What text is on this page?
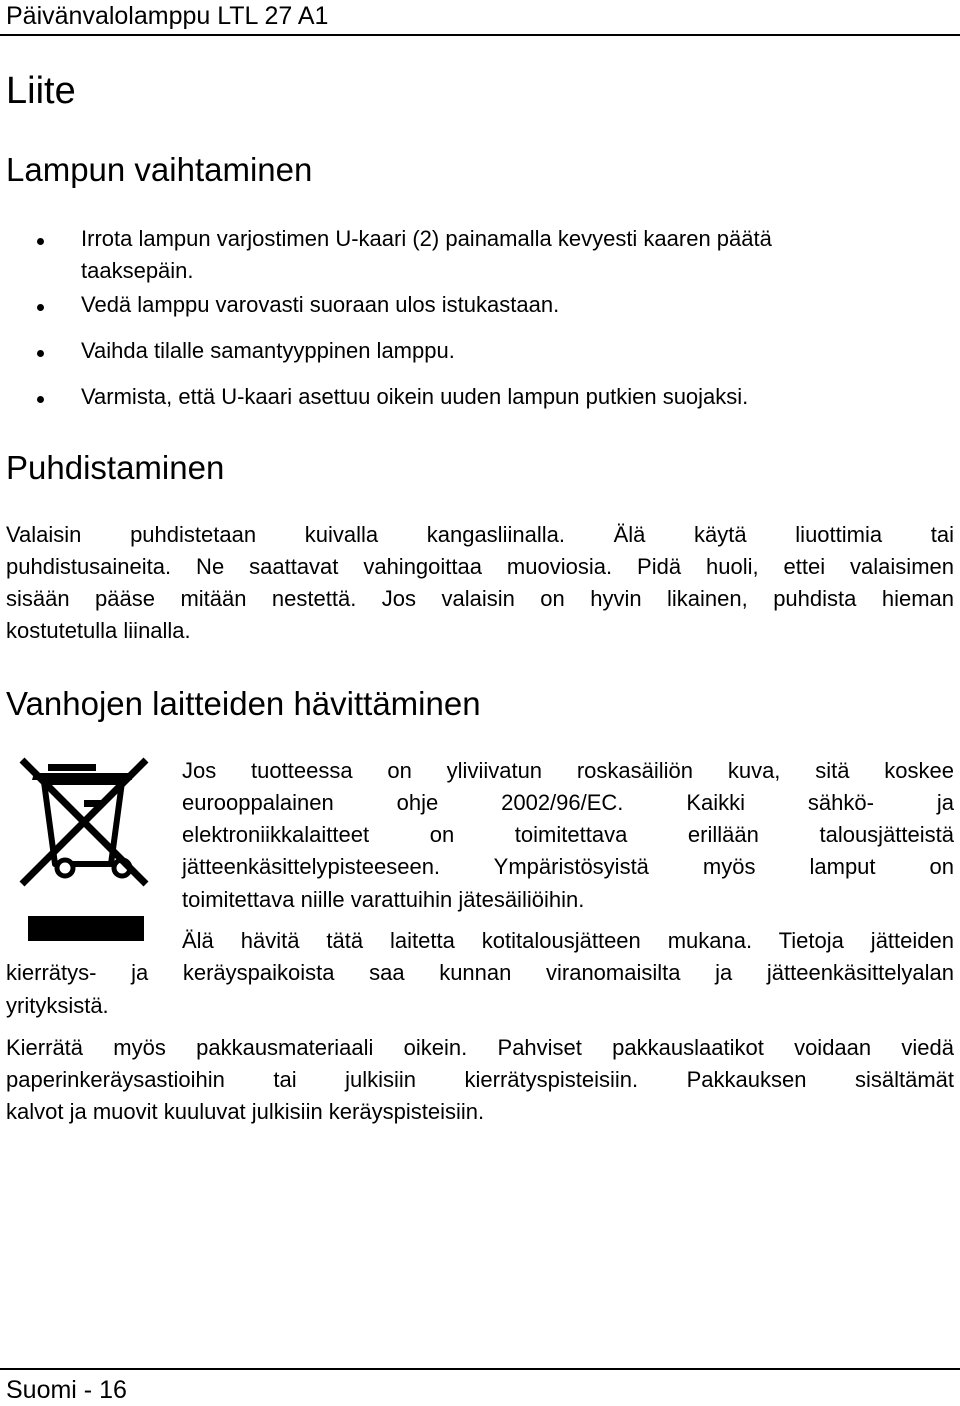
Päivänvalolamppu LTL 27 A1
Liite
Lampun vaihtaminen
Irrota lampun varjostimen U-kaari (2) painamalla kevyesti kaaren päätä
taaksepäin.
Vedä lamppu varovasti suoraan ulos istukastaan.
Vaihda tilalle samantyyppinen lamppu.
Varmista, että U-kaari asettuu oikein uuden lampun putkien suojaksi.
Puhdistaminen
Valaisin puhdistetaan kuivalla kangasliinalla. Älä käytä liuottimia tai
puhdistusaineita. Ne saattavat vahingoittaa muoviosia. Pidä huoli, ettei valaisimen
sisään pääse mitään nestettä. Jos valaisin on hyvin likainen, puhdista hieman
kostutetulla liinalla.
Vanhojen laitteiden hävittäminen
Jos tuotteessa on yliviivatun roskasäiliön kuva, sitä koskee
eurooppalainen ohje 2002/96/EC. Kaikki sähkö- ja
elektroniikkalaitteet on toimitettava erillään talousjätteistä
jätteenkäsittelypisteeseen. Ympäristösyistä myös lamput on
toimitettava niille varattuihin jätesäiliöihin.
Älä hävitä tätä laitetta kotitalousjätteen mukana. Tietoja jätteiden
kierrätys- ja keräyspaikoista saa kunnan viranomaisilta ja jätteenkäsittelyalan
yrityksistä.
Kierrätä myös pakkausmateriaali oikein. Pahviset pakkauslaatikot voidaan viedä
paperinkeräysastioihin tai julkisiin kierrätyspisteisiin. Pakkauksen sisältämät
kalvot ja muovit kuuluvat julkisiin keräyspisteisiin.
Suomi - 16
